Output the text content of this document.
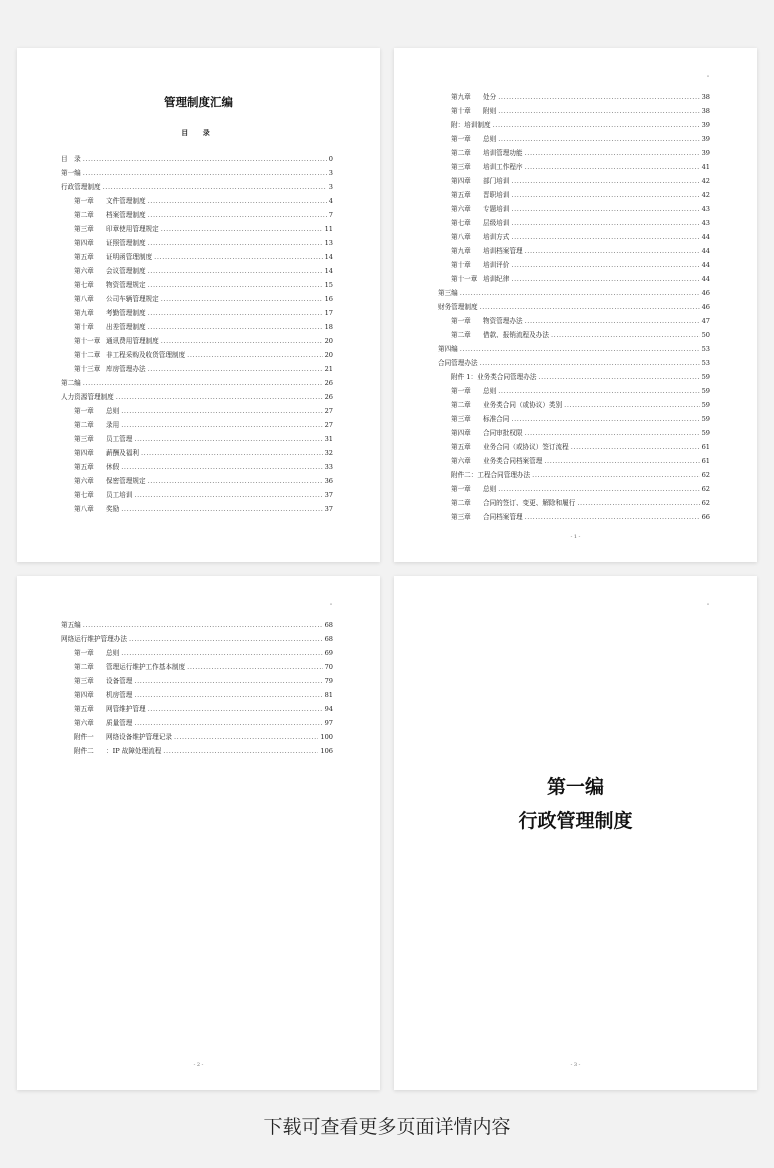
管理制度汇编
目 录
目　录 .....	0
第一编 .....	3
行政管理制度 .....	3
第一章	文件管理制度 .....	4
第二章	档案管理制度 .....	7
第三章	印章使用管理规定 .....	11
第四章	证照管理制度 .....	13
第五章	证明函管理制度 .....	14
第六章	会议管理制度 .....	14
第七章	物资管理规定 .....	15
第八章	公司车辆管理规定 .....	16
第九章	考勤管理制度 .....	17
第十章	出差管理制度 .....	18
第十一章 通讯费用管理制度 .....	20
第十二章 非工程采购及收货管理制度 .....	20
第十三章 库房管理办法 .....	21
第二编 .....	26
人力资源管理制度 .....	26
第一章	总则 .....	27
第二章	录用 .....	27
第三章	员工管理 .....	31
第四章	薪酬及福利 .....	32
第五章	休假 .....	33
第六章	保密管理规定 .....	36
第七章	员工培训 .....	37
第八章	奖励 .....	37
"
第九章	处分 .....	38
第十章	附则 .....	38
附：培训制度 .....	39
第一章	总则 .....	39
第二章	培训管理功能 .....	39
第三章	培训工作程序 .....	41
第四章	部门培训 .....	42
第五章	晋职培训 .....	42
第六章	专题培训 .....	43
第七章	层级培训 .....	43
第八章	培训方式 .....	44
第九章	培训档案管理 .....	44
第十章	培训评价 .....	44
第十一章 培训纪律 .....	44
第三编 .....	46
财务管理制度 .....	46
第一章	物资管理办法 .....	47
第二章	借款、报销流程及办法 .....	50
第四编 .....	53
合同管理办法 .....	53
附件 1：业务类合同管理办法 .....	59
第一章	总则 .....	59
第二章	业务类合同（或协议）类别 .....	59
第三章	标准合同 .....	59
第四章	合同审批权限 .....	59
第五章	业务合同（或协议）签订流程 .....	61
第六章	业务类合同档案管理 .....	61
附件二：工程合同管理办法 .....	62
第一章	总则 .....	62
第二章	合同的签订、变更、解除和履行 .....	62
第三章	合同档案管理 .....	66
- 1 -
"
第五编 .....	68
网络运行维护管理办法 .....	68
第一章	总则 .....	69
第二章	管理运行维护工作基本制度 .....	70
第三章	设备管理 .....	79
第四章	机房管理 .....	81
第五章	网管维护管理 .....	94
第六章	质量管理 .....	97
附件一	网络设备维护管理记录 .....	100
附件二	：IP 故障处理流程 .....	106
- 2 -
"
第一编
行政管理制度
- 3 -
下载可查看更多页面详情内容
